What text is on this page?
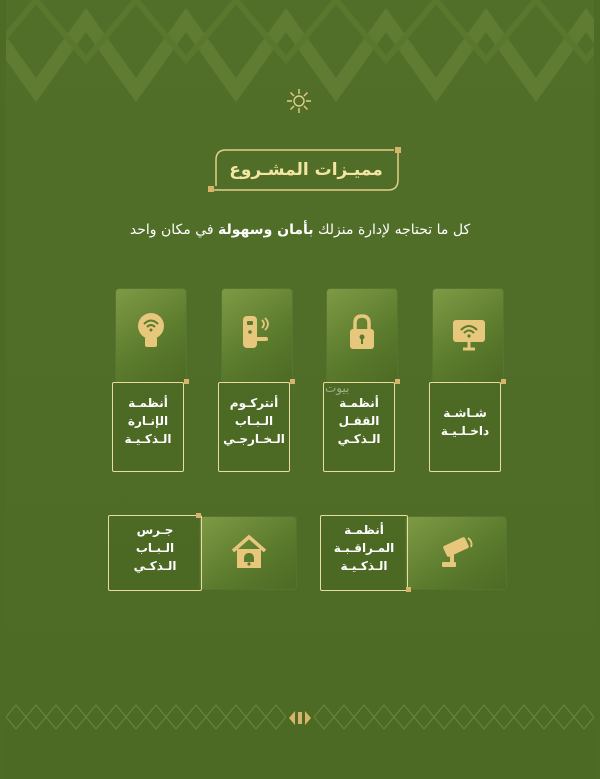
مميـزات المشـروع
كل ما تحتاجه لإدارة منزلك بأمان وسهولة في مكان واحد
شـاشـة
داخـلـيـة
أنظمـة
القفـل
الـذكـي
أنتركـوم
الـبـاب
الـخـارجـي
أنظمـة
الإنـارة
الـذكـيـة
بيوت
أنظمـة
المـراقـبـة
الـذكـيـة
جـرس
الـبـاب
الـذكـي
